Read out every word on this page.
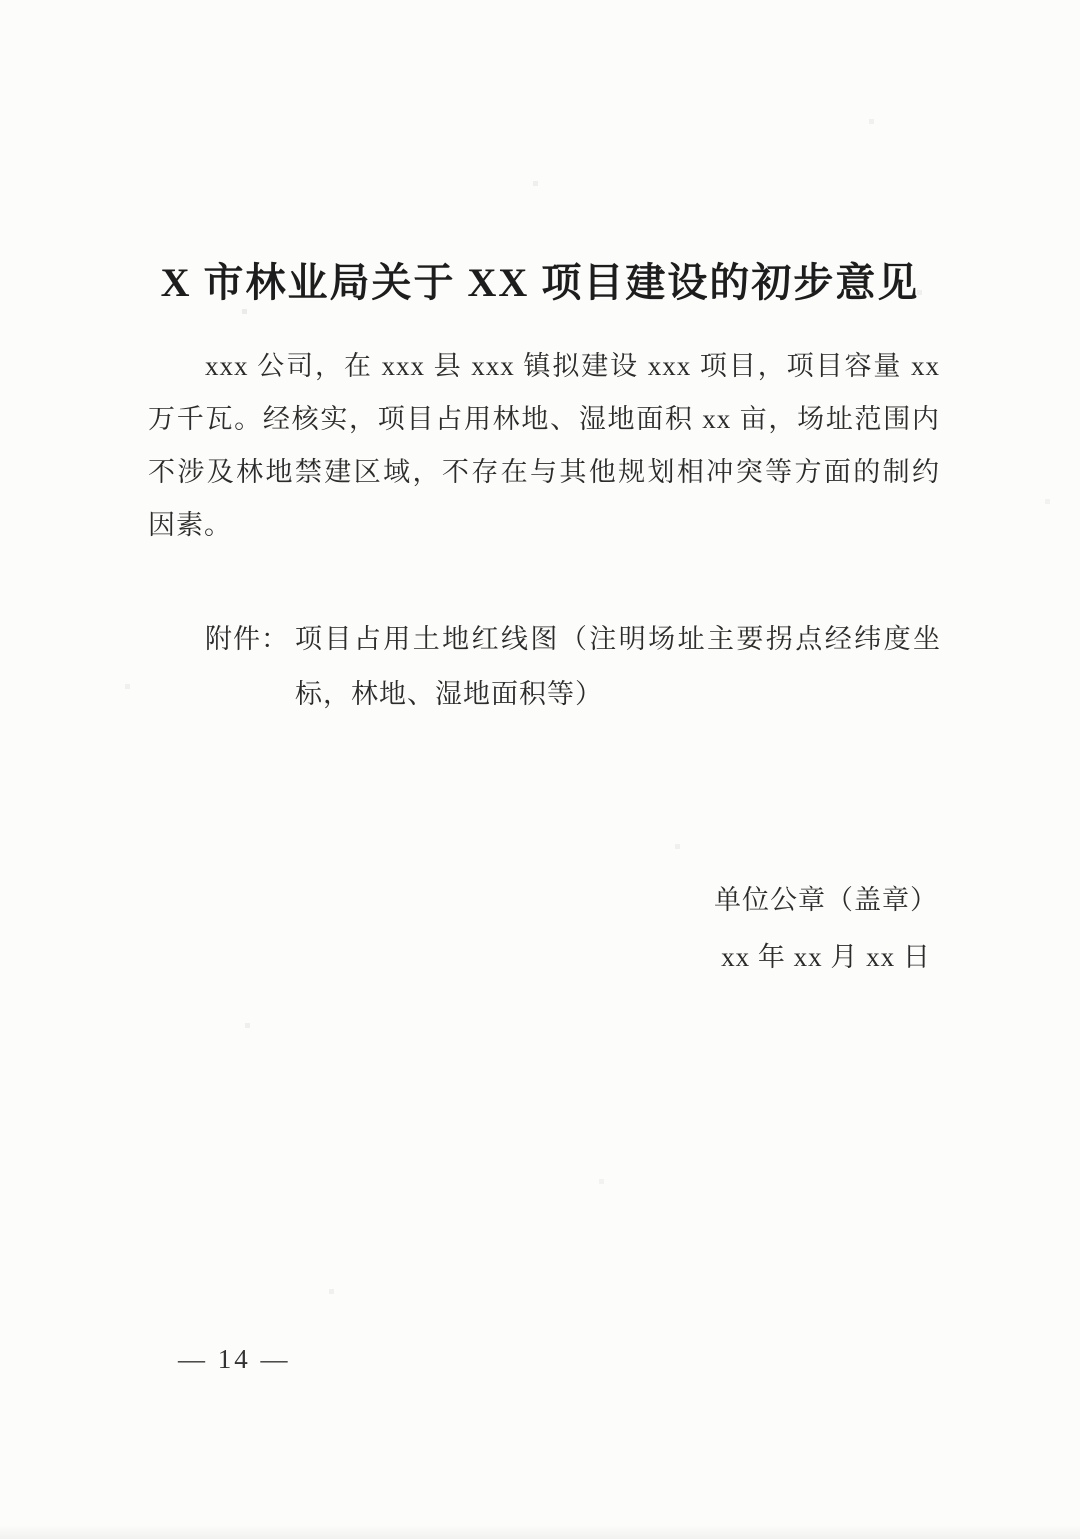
X 市林业局关于 XX 项目建设的初步意见
xxx 公司，在 xxx 县 xxx 镇拟建设 xxx 项目，项目容量 xx
万千瓦。经核实，项目占用林地、湿地面积 xx 亩，场址范围内
不涉及林地禁建区域，不存在与其他规划相冲突等方面的制约
因素。
附件： 项目占用土地红线图（注明场址主要拐点经纬度坐
标，林地、湿地面积等）
单位公章（盖章）
xx 年 xx 月 xx 日
— 14 —
